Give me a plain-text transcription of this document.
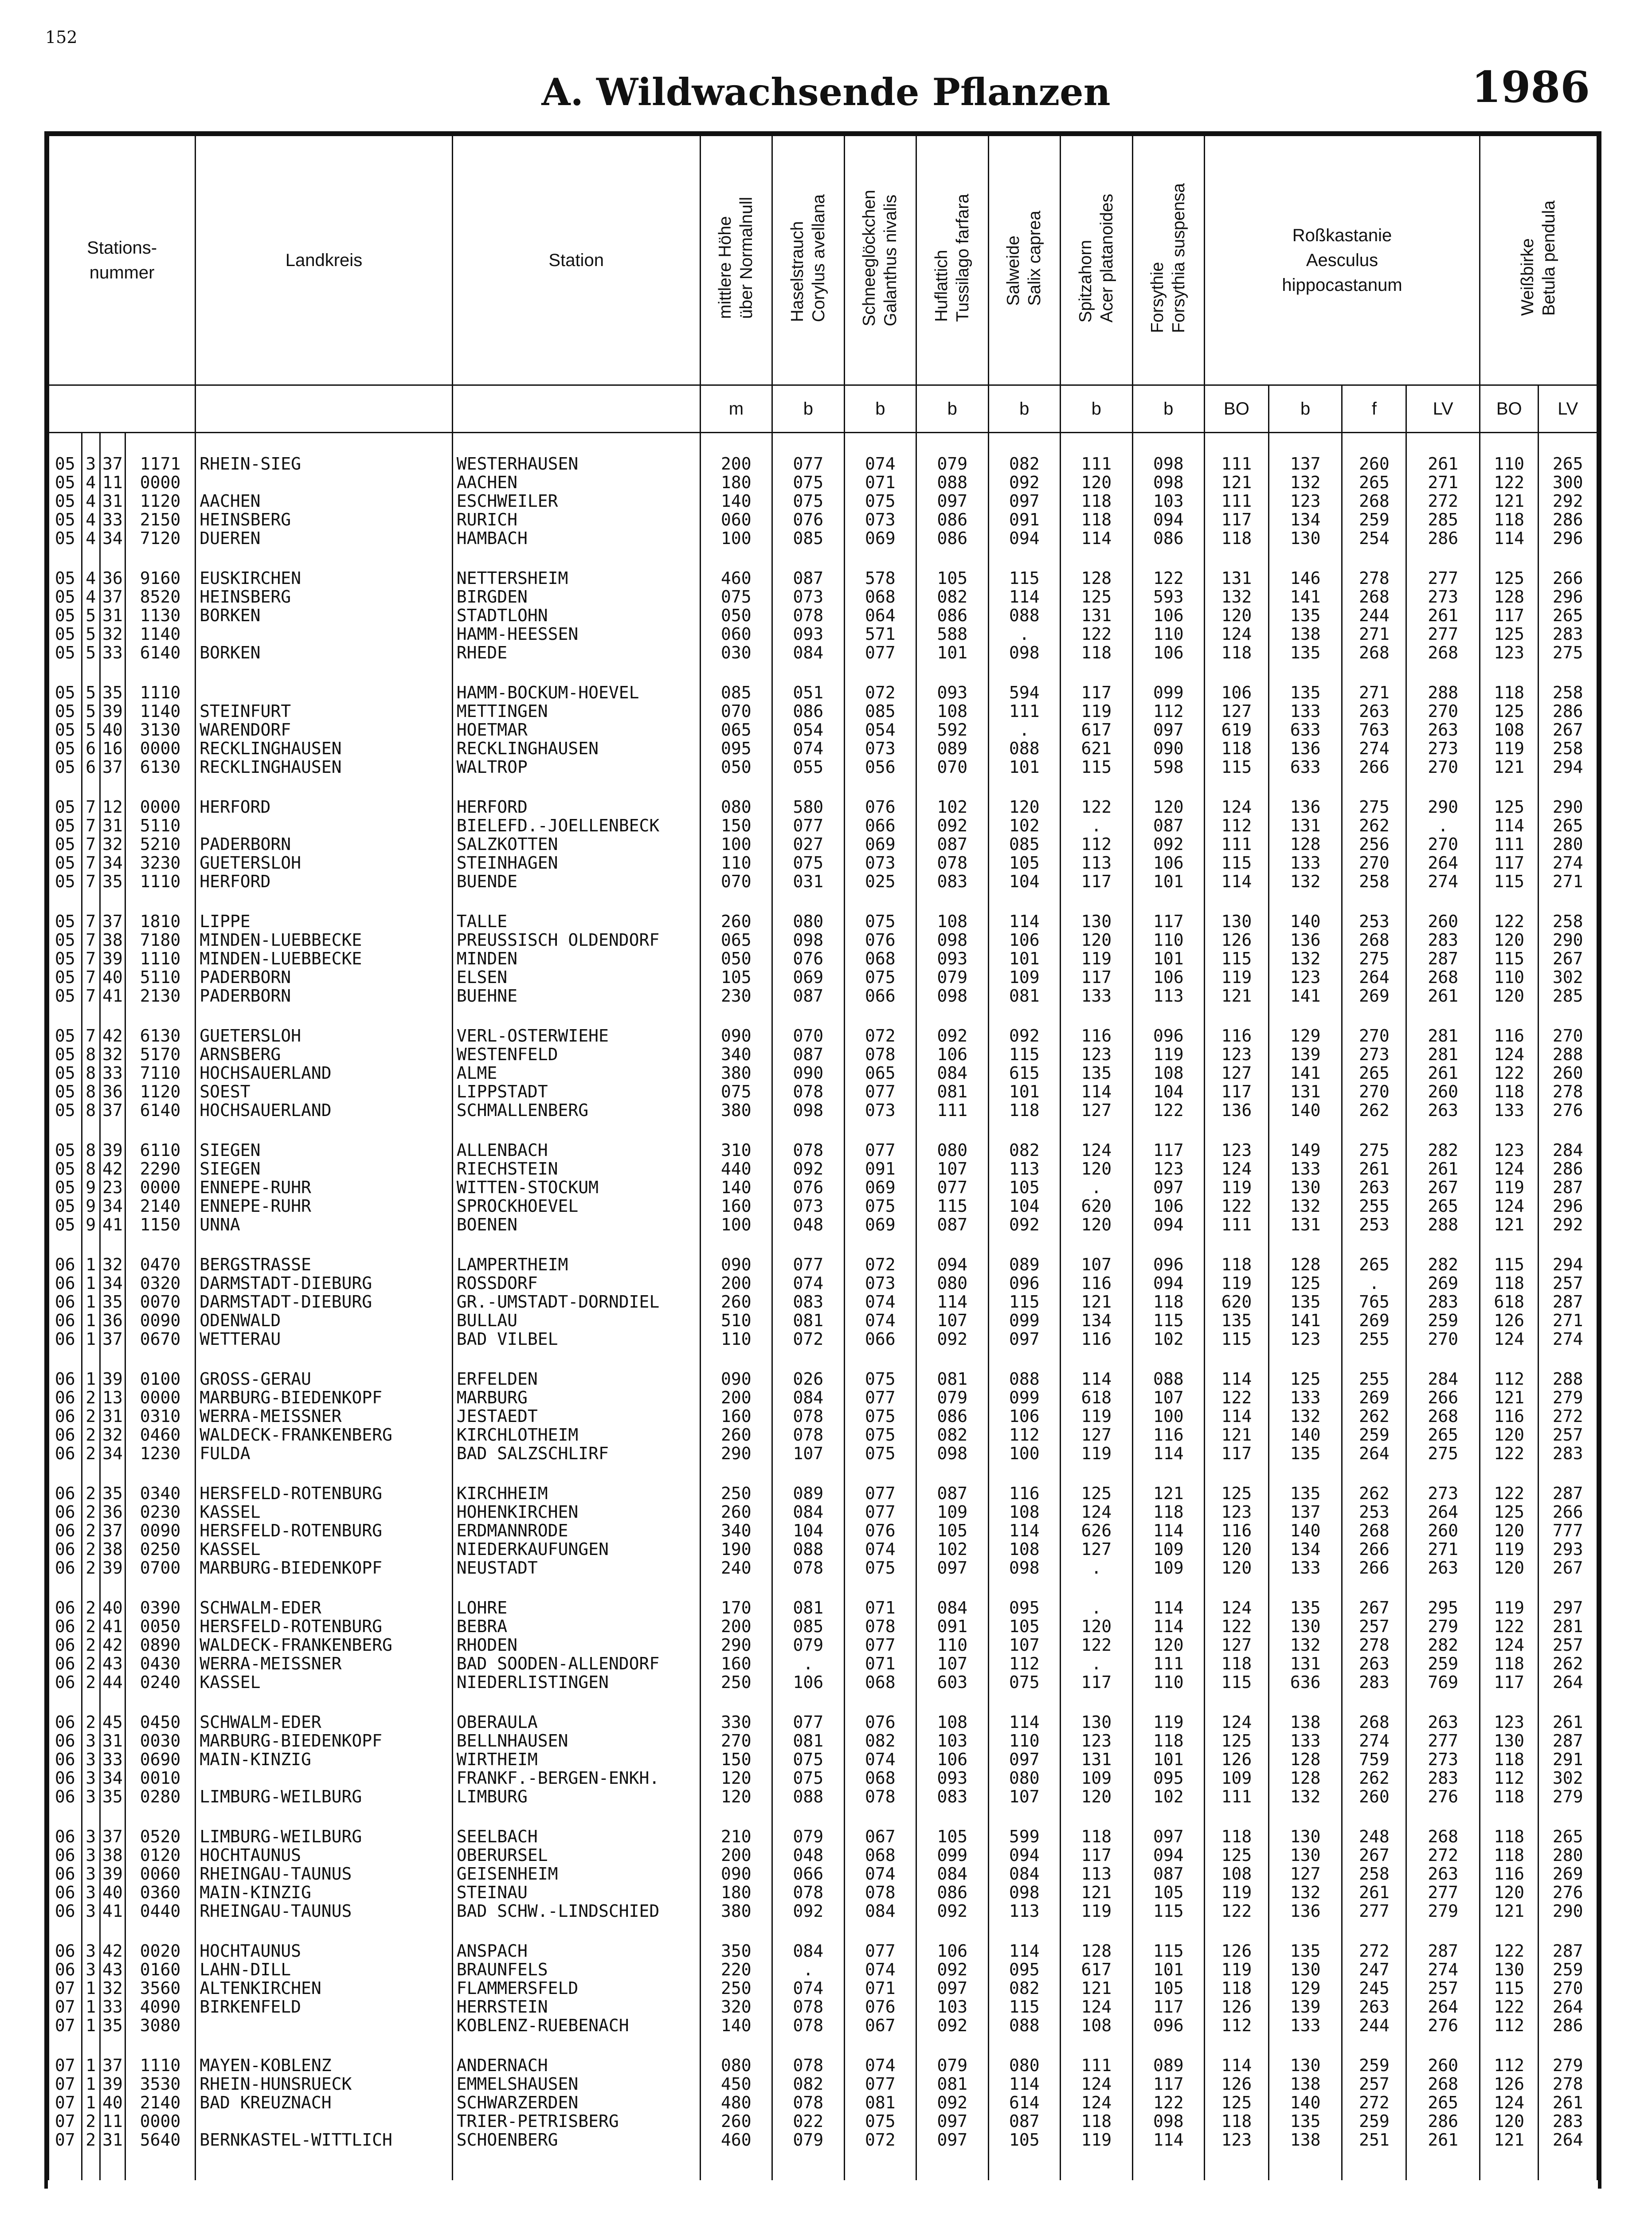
152
A. Wildwachsende Pflanzen	1986
Stations-
nummer				Landkreis	Station	mittlere Höhe
über Normalnull	Haselstrauch
Corylus avellana	Schneeglöckchen
Galanthus nivalis	Huflattich
Tussilago farfara	Salweide
Salix caprea	Spitzahorn
Acer platanoides	Forsythie
Forsythia suspensa	Roßkastanie
Aesculus
hippocastanum				Weißbirke
Betula pendula	
						m	b	b	b	b	b	b	BO	b	f	LV	BO	LV

05	3	37	1171	RHEIN-SIEG	WESTERHAUSEN	200	077	074	079	082	111	098	111	137	260	261	110	265
05	4	11	0000		AACHEN	180	075	071	088	092	120	098	121	132	265	271	122	300
05	4	31	1120	AACHEN	ESCHWEILER	140	075	075	097	097	118	103	111	123	268	272	121	292
05	4	33	2150	HEINSBERG	RURICH	060	076	073	086	091	118	094	117	134	259	285	118	286
05	4	34	7120	DUEREN	HAMBACH	100	085	069	086	094	114	086	118	130	254	286	114	296

05	4	36	9160	EUSKIRCHEN	NETTERSHEIM	460	087	578	105	115	128	122	131	146	278	277	125	266
05	4	37	8520	HEINSBERG	BIRGDEN	075	073	068	082	114	125	593	132	141	268	273	128	296
05	5	31	1130	BORKEN	STADTLOHN	050	078	064	086	088	131	106	120	135	244	261	117	265
05	5	32	1140		HAMM-HEESSEN	060	093	571	588	.	122	110	124	138	271	277	125	283
05	5	33	6140	BORKEN	RHEDE	030	084	077	101	098	118	106	118	135	268	268	123	275

05	5	35	1110		HAMM-BOCKUM-HOEVEL	085	051	072	093	594	117	099	106	135	271	288	118	258
05	5	39	1140	STEINFURT	METTINGEN	070	086	085	108	111	119	112	127	133	263	270	125	286
05	5	40	3130	WARENDORF	HOETMAR	065	054	054	592	.	617	097	619	633	763	263	108	267
05	6	16	0000	RECKLINGHAUSEN	RECKLINGHAUSEN	095	074	073	089	088	621	090	118	136	274	273	119	258
05	6	37	6130	RECKLINGHAUSEN	WALTROP	050	055	056	070	101	115	598	115	633	266	270	121	294

05	7	12	0000	HERFORD	HERFORD	080	580	076	102	120	122	120	124	136	275	290	125	290
05	7	31	5110		BIELEFD.-JOELLENBECK	150	077	066	092	102	.	087	112	131	262	.	114	265
05	7	32	5210	PADERBORN	SALZKOTTEN	100	027	069	087	085	112	092	111	128	256	270	111	280
05	7	34	3230	GUETERSLOH	STEINHAGEN	110	075	073	078	105	113	106	115	133	270	264	117	274
05	7	35	1110	HERFORD	BUENDE	070	031	025	083	104	117	101	114	132	258	274	115	271

05	7	37	1810	LIPPE	TALLE	260	080	075	108	114	130	117	130	140	253	260	122	258
05	7	38	7180	MINDEN-LUEBBECKE	PREUSSISCH OLDENDORF	065	098	076	098	106	120	110	126	136	268	283	120	290
05	7	39	1110	MINDEN-LUEBBECKE	MINDEN	050	076	068	093	101	119	101	115	132	275	287	115	267
05	7	40	5110	PADERBORN	ELSEN	105	069	075	079	109	117	106	119	123	264	268	110	302
05	7	41	2130	PADERBORN	BUEHNE	230	087	066	098	081	133	113	121	141	269	261	120	285

05	7	42	6130	GUETERSLOH	VERL-OSTERWIEHE	090	070	072	092	092	116	096	116	129	270	281	116	270
05	8	32	5170	ARNSBERG	WESTENFELD	340	087	078	106	115	123	119	123	139	273	281	124	288
05	8	33	7110	HOCHSAUERLAND	ALME	380	090	065	084	615	135	108	127	141	265	261	122	260
05	8	36	1120	SOEST	LIPPSTADT	075	078	077	081	101	114	104	117	131	270	260	118	278
05	8	37	6140	HOCHSAUERLAND	SCHMALLENBERG	380	098	073	111	118	127	122	136	140	262	263	133	276

05	8	39	6110	SIEGEN	ALLENBACH	310	078	077	080	082	124	117	123	149	275	282	123	284
05	8	42	2290	SIEGEN	RIECHSTEIN	440	092	091	107	113	120	123	124	133	261	261	124	286
05	9	23	0000	ENNEPE-RUHR	WITTEN-STOCKUM	140	076	069	077	105	.	097	119	130	263	267	119	287
05	9	34	2140	ENNEPE-RUHR	SPROCKHOEVEL	160	073	075	115	104	620	106	122	132	255	265	124	296
05	9	41	1150	UNNA	BOENEN	100	048	069	087	092	120	094	111	131	253	288	121	292

06	1	32	0470	BERGSTRASSE	LAMPERTHEIM	090	077	072	094	089	107	096	118	128	265	282	115	294
06	1	34	0320	DARMSTADT-DIEBURG	ROSSDORF	200	074	073	080	096	116	094	119	125	.	269	118	257
06	1	35	0070	DARMSTADT-DIEBURG	GR.-UMSTADT-DORNDIEL	260	083	074	114	115	121	118	620	135	765	283	618	287
06	1	36	0090	ODENWALD	BULLAU	510	081	074	107	099	134	115	135	141	269	259	126	271
06	1	37	0670	WETTERAU	BAD VILBEL	110	072	066	092	097	116	102	115	123	255	270	124	274

06	1	39	0100	GROSS-GERAU	ERFELDEN	090	026	075	081	088	114	088	114	125	255	284	112	288
06	2	13	0000	MARBURG-BIEDENKOPF	MARBURG	200	084	077	079	099	618	107	122	133	269	266	121	279
06	2	31	0310	WERRA-MEISSNER	JESTAEDT	160	078	075	086	106	119	100	114	132	262	268	116	272
06	2	32	0460	WALDECK-FRANKENBERG	KIRCHLOTHEIM	260	078	075	082	112	127	116	121	140	259	265	120	257
06	2	34	1230	FULDA	BAD SALZSCHLIRF	290	107	075	098	100	119	114	117	135	264	275	122	283

06	2	35	0340	HERSFELD-ROTENBURG	KIRCHHEIM	250	089	077	087	116	125	121	125	135	262	273	122	287
06	2	36	0230	KASSEL	HOHENKIRCHEN	260	084	077	109	108	124	118	123	137	253	264	125	266
06	2	37	0090	HERSFELD-ROTENBURG	ERDMANNRODE	340	104	076	105	114	626	114	116	140	268	260	120	777
06	2	38	0250	KASSEL	NIEDERKAUFUNGEN	190	088	074	102	108	127	109	120	134	266	271	119	293
06	2	39	0700	MARBURG-BIEDENKOPF	NEUSTADT	240	078	075	097	098	.	109	120	133	266	263	120	267

06	2	40	0390	SCHWALM-EDER	LOHRE	170	081	071	084	095	.	114	124	135	267	295	119	297
06	2	41	0050	HERSFELD-ROTENBURG	BEBRA	200	085	078	091	105	120	114	122	130	257	279	122	281
06	2	42	0890	WALDECK-FRANKENBERG	RHODEN	290	079	077	110	107	122	120	127	132	278	282	124	257
06	2	43	0430	WERRA-MEISSNER	BAD SOODEN-ALLENDORF	160	.	071	107	112	.	111	118	131	263	259	118	262
06	2	44	0240	KASSEL	NIEDERLISTINGEN	250	106	068	603	075	117	110	115	636	283	769	117	264

06	2	45	0450	SCHWALM-EDER	OBERAULA	330	077	076	108	114	130	119	124	138	268	263	123	261
06	3	31	0030	MARBURG-BIEDENKOPF	BELLNHAUSEN	270	081	082	103	110	123	118	125	133	274	277	130	287
06	3	33	0690	MAIN-KINZIG	WIRTHEIM	150	075	074	106	097	131	101	126	128	759	273	118	291
06	3	34	0010		FRANKF.-BERGEN-ENKH.	120	075	068	093	080	109	095	109	128	262	283	112	302
06	3	35	0280	LIMBURG-WEILBURG	LIMBURG	120	088	078	083	107	120	102	111	132	260	276	118	279

06	3	37	0520	LIMBURG-WEILBURG	SEELBACH	210	079	067	105	599	118	097	118	130	248	268	118	265
06	3	38	0120	HOCHTAUNUS	OBERURSEL	200	048	068	099	094	117	094	125	130	267	272	118	280
06	3	39	0060	RHEINGAU-TAUNUS	GEISENHEIM	090	066	074	084	084	113	087	108	127	258	263	116	269
06	3	40	0360	MAIN-KINZIG	STEINAU	180	078	078	086	098	121	105	119	132	261	277	120	276
06	3	41	0440	RHEINGAU-TAUNUS	BAD SCHW.-LINDSCHIED	380	092	084	092	113	119	115	122	136	277	279	121	290

06	3	42	0020	HOCHTAUNUS	ANSPACH	350	084	077	106	114	128	115	126	135	272	287	122	287
06	3	43	0160	LAHN-DILL	BRAUNFELS	220	.	074	092	095	617	101	119	130	247	274	130	259
07	1	32	3560	ALTENKIRCHEN	FLAMMERSFELD	250	074	071	097	082	121	105	118	129	245	257	115	270
07	1	33	4090	BIRKENFELD	HERRSTEIN	320	078	076	103	115	124	117	126	139	263	264	122	264
07	1	35	3080		KOBLENZ-RUEBENACH	140	078	067	092	088	108	096	112	133	244	276	112	286

07	1	37	1110	MAYEN-KOBLENZ	ANDERNACH	080	078	074	079	080	111	089	114	130	259	260	112	279
07	1	39	3530	RHEIN-HUNSRUECK	EMMELSHAUSEN	450	082	077	081	114	124	117	126	138	257	268	126	278
07	1	40	2140	BAD KREUZNACH	SCHWARZERDEN	480	078	081	092	614	124	122	125	140	272	265	124	261
07	2	11	0000		TRIER-PETRISBERG	260	022	075	097	087	118	098	118	135	259	286	120	283
07	2	31	5640	BERNKASTEL-WITTLICH	SCHOENBERG	460	079	072	097	105	119	114	123	138	251	261	121	264
